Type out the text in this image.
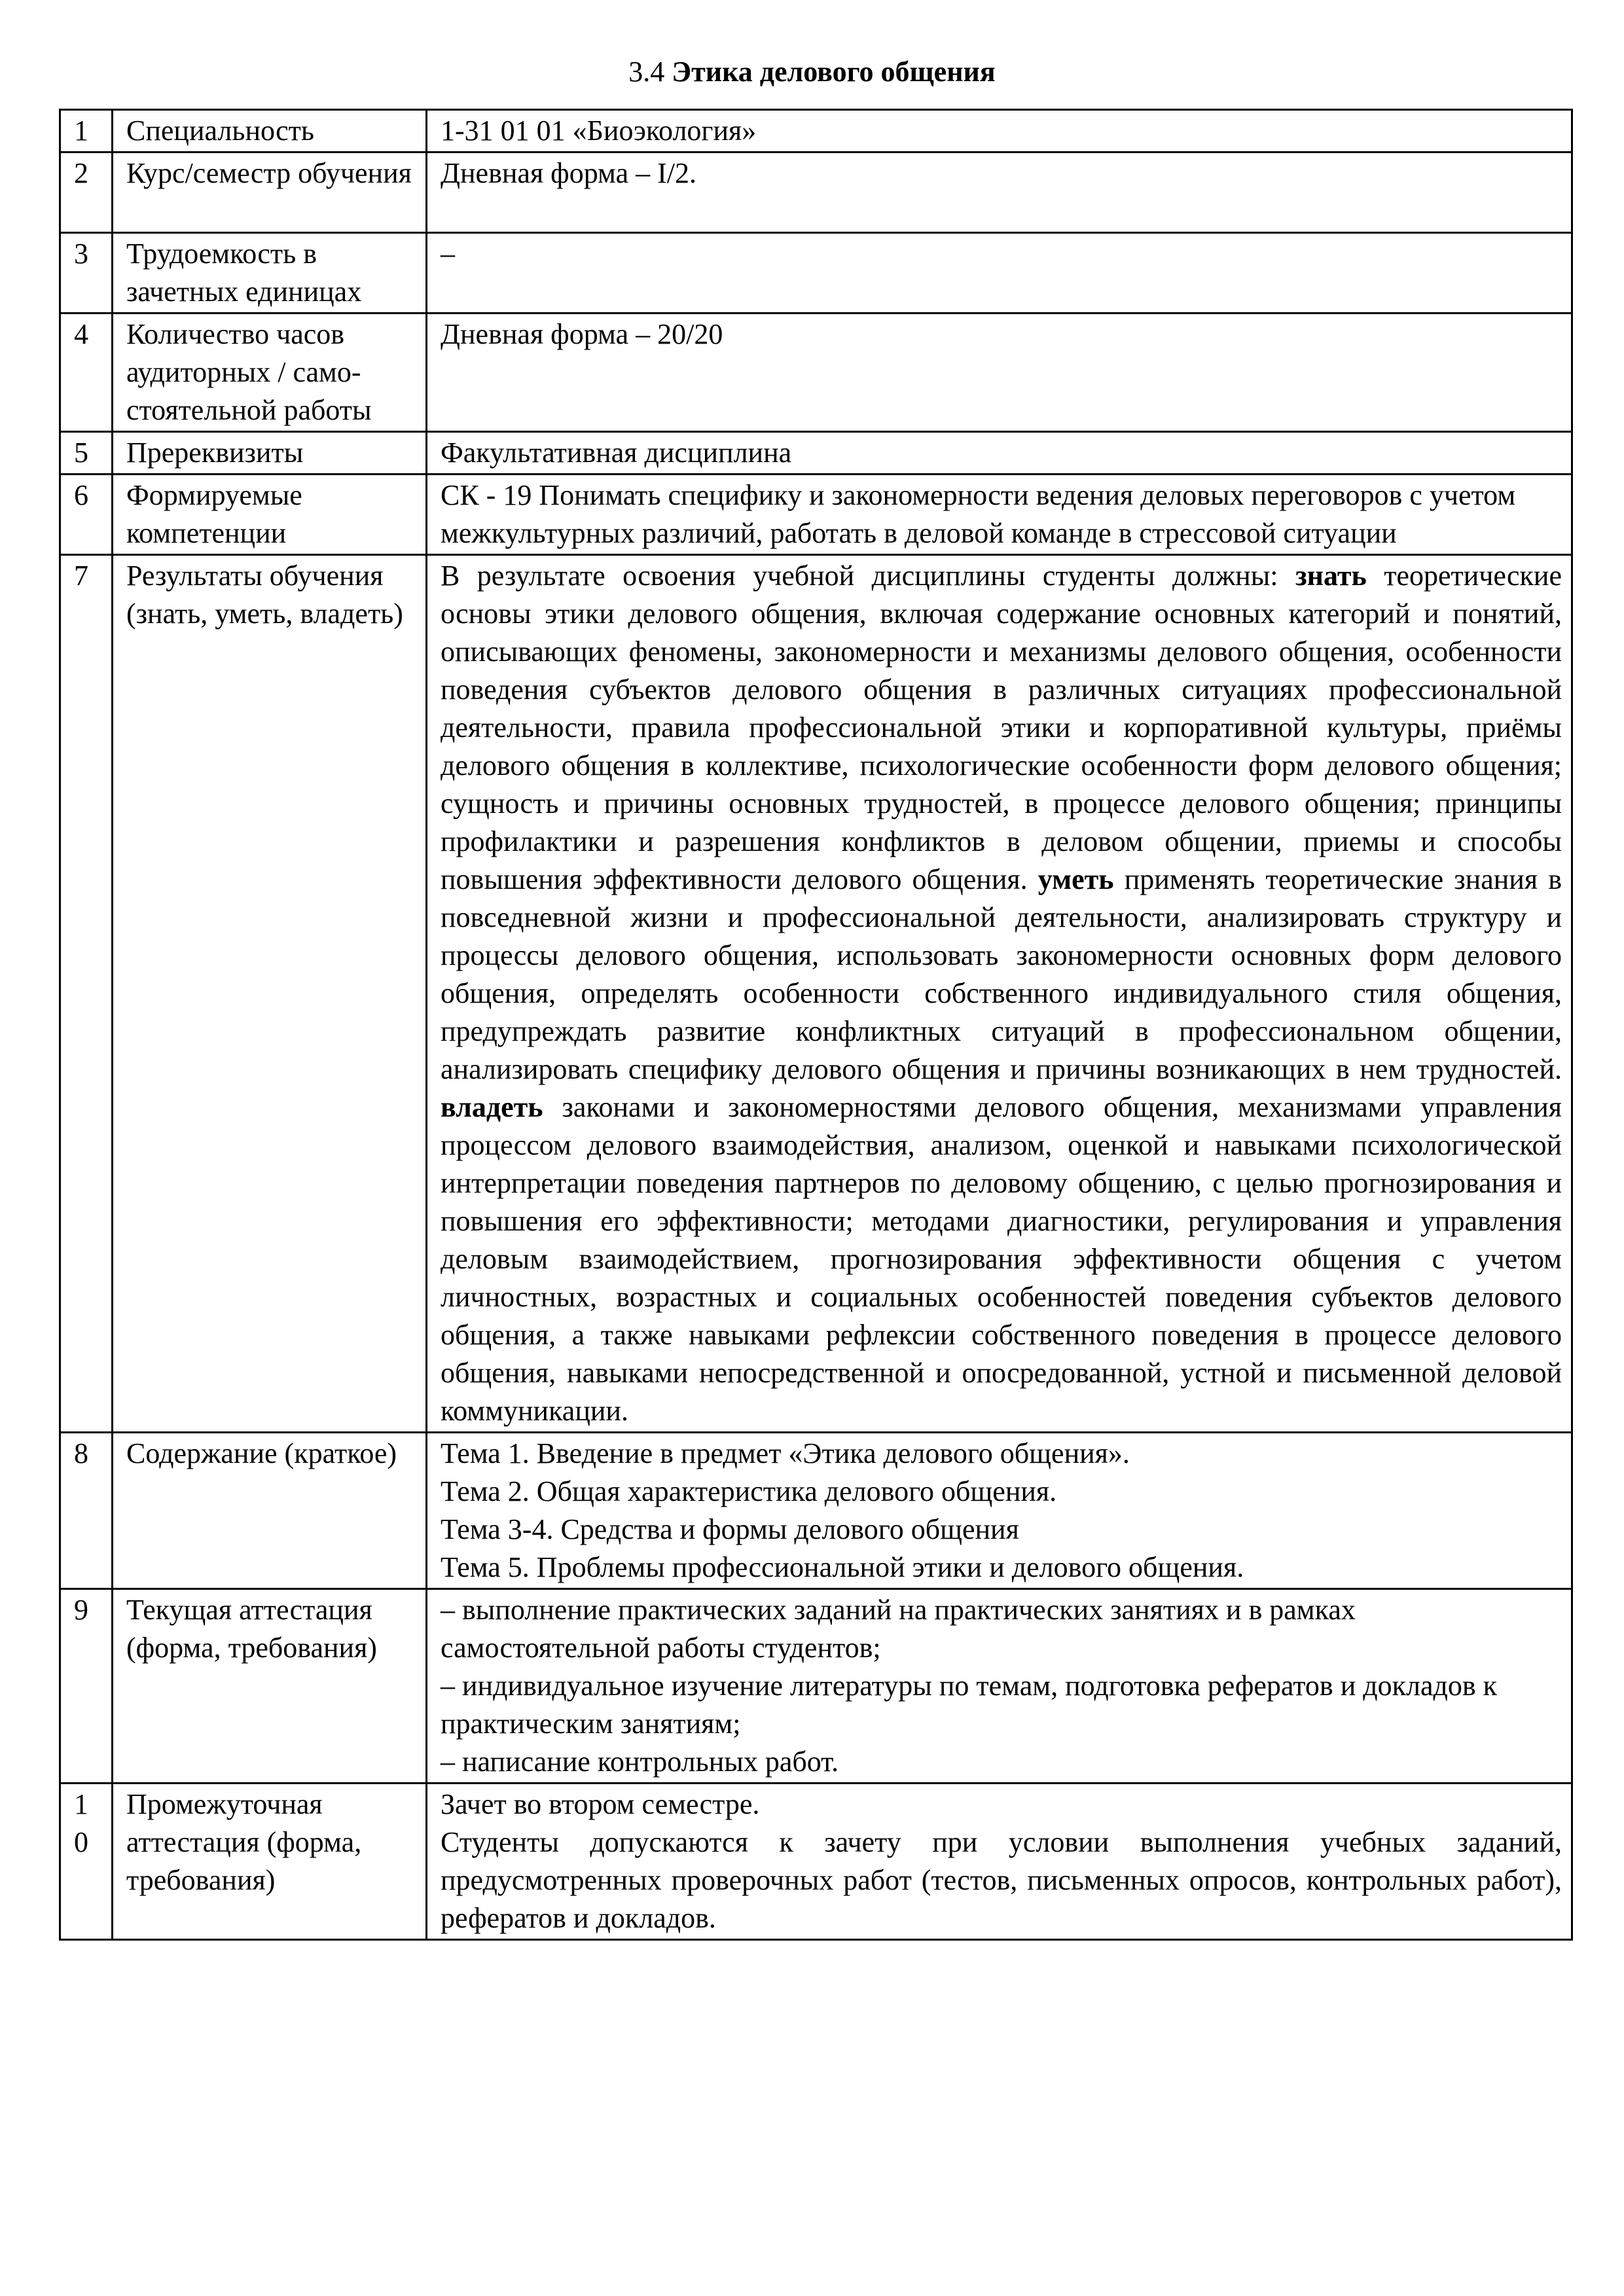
3.4 Этика делового общения
1	Специальность	1-31 01 01 «Биоэкология»
2	Курс/семестр обучения	Дневная форма – I/2.
3	Трудоемкость в зачетных единицах	–
4	Количество часов аудиторных / само-стоятельной работы	Дневная форма – 20/20
5	Пререквизиты	Факультативная дисциплина
6	Формируемые компетенции	СК - 19 Понимать специфику и закономерности ведения деловых переговоров с учетом межкультурных различий, работать в деловой команде в стрессовой ситуации
7	Результаты обучения (знать, уметь, владеть)	В результате освоения учебной дисциплины студенты должны: знать теоретические основы этики делового общения, включая содержание основных категорий и понятий, описывающих феномены, закономерности и механизмы делового общения, особенности поведения субъектов делового общения в различных ситуациях профессиональной деятельности, правила профессиональной этики и корпоративной культуры, приёмы делового общения в коллективе, психологические особенности форм делового общения; сущность и причины основных трудностей, в процессе делового общения; принципы профилактики и разрешения конфликтов в деловом общении, приемы и способы повышения эффективности делового общения. уметь применять теоретические знания в повседневной жизни и профессиональной деятельности, анализировать структуру и процессы делового общения, использовать закономерности основных форм делового общения, определять особенности собственного индивидуального стиля общения, предупреждать развитие конфликтных ситуаций в профессиональном общении, анализировать специфику делового общения и причины возникающих в нем трудностей. владеть законами и закономерностями делового общения, механизмами управления процессом делового взаимодействия, анализом, оценкой и навыками психологической интерпретации поведения партнеров по деловому общению, с целью прогнозирования и повышения его эффективности; методами диагностики, регулирования и управления деловым взаимодействием, прогнозирования эффективности общения с учетом личностных, возрастных и социальных особенностей поведения субъектов делового общения, а также навыками рефлексии собственного поведения в процессе делового общения, навыками непосредственной и опосредованной, устной и письменной деловой коммуникации.
8	Содержание (краткое)	Тема 1. Введение в предмет «Этика делового общения».
Тема 2. Общая характеристика делового общения.
Тема 3-4. Средства и формы делового общения
Тема 5. Проблемы профессиональной этики и делового общения.

9	Текущая аттестация (форма, требования)	– выполнение практических заданий на практических занятиях и в рамках самостоятельной работы студентов;
– индивидуальное изучение литературы по темам, подготовка рефератов и докладов к практическим занятиям;
– написание контрольных работ.

10	Промежуточная аттестация (форма, требования)	Зачет во втором семестре.
Студенты допускаются к зачету при условии выполнения учебных заданий, предусмотренных проверочных работ (тестов, письменных опросов, контрольных работ), рефератов и докладов.
